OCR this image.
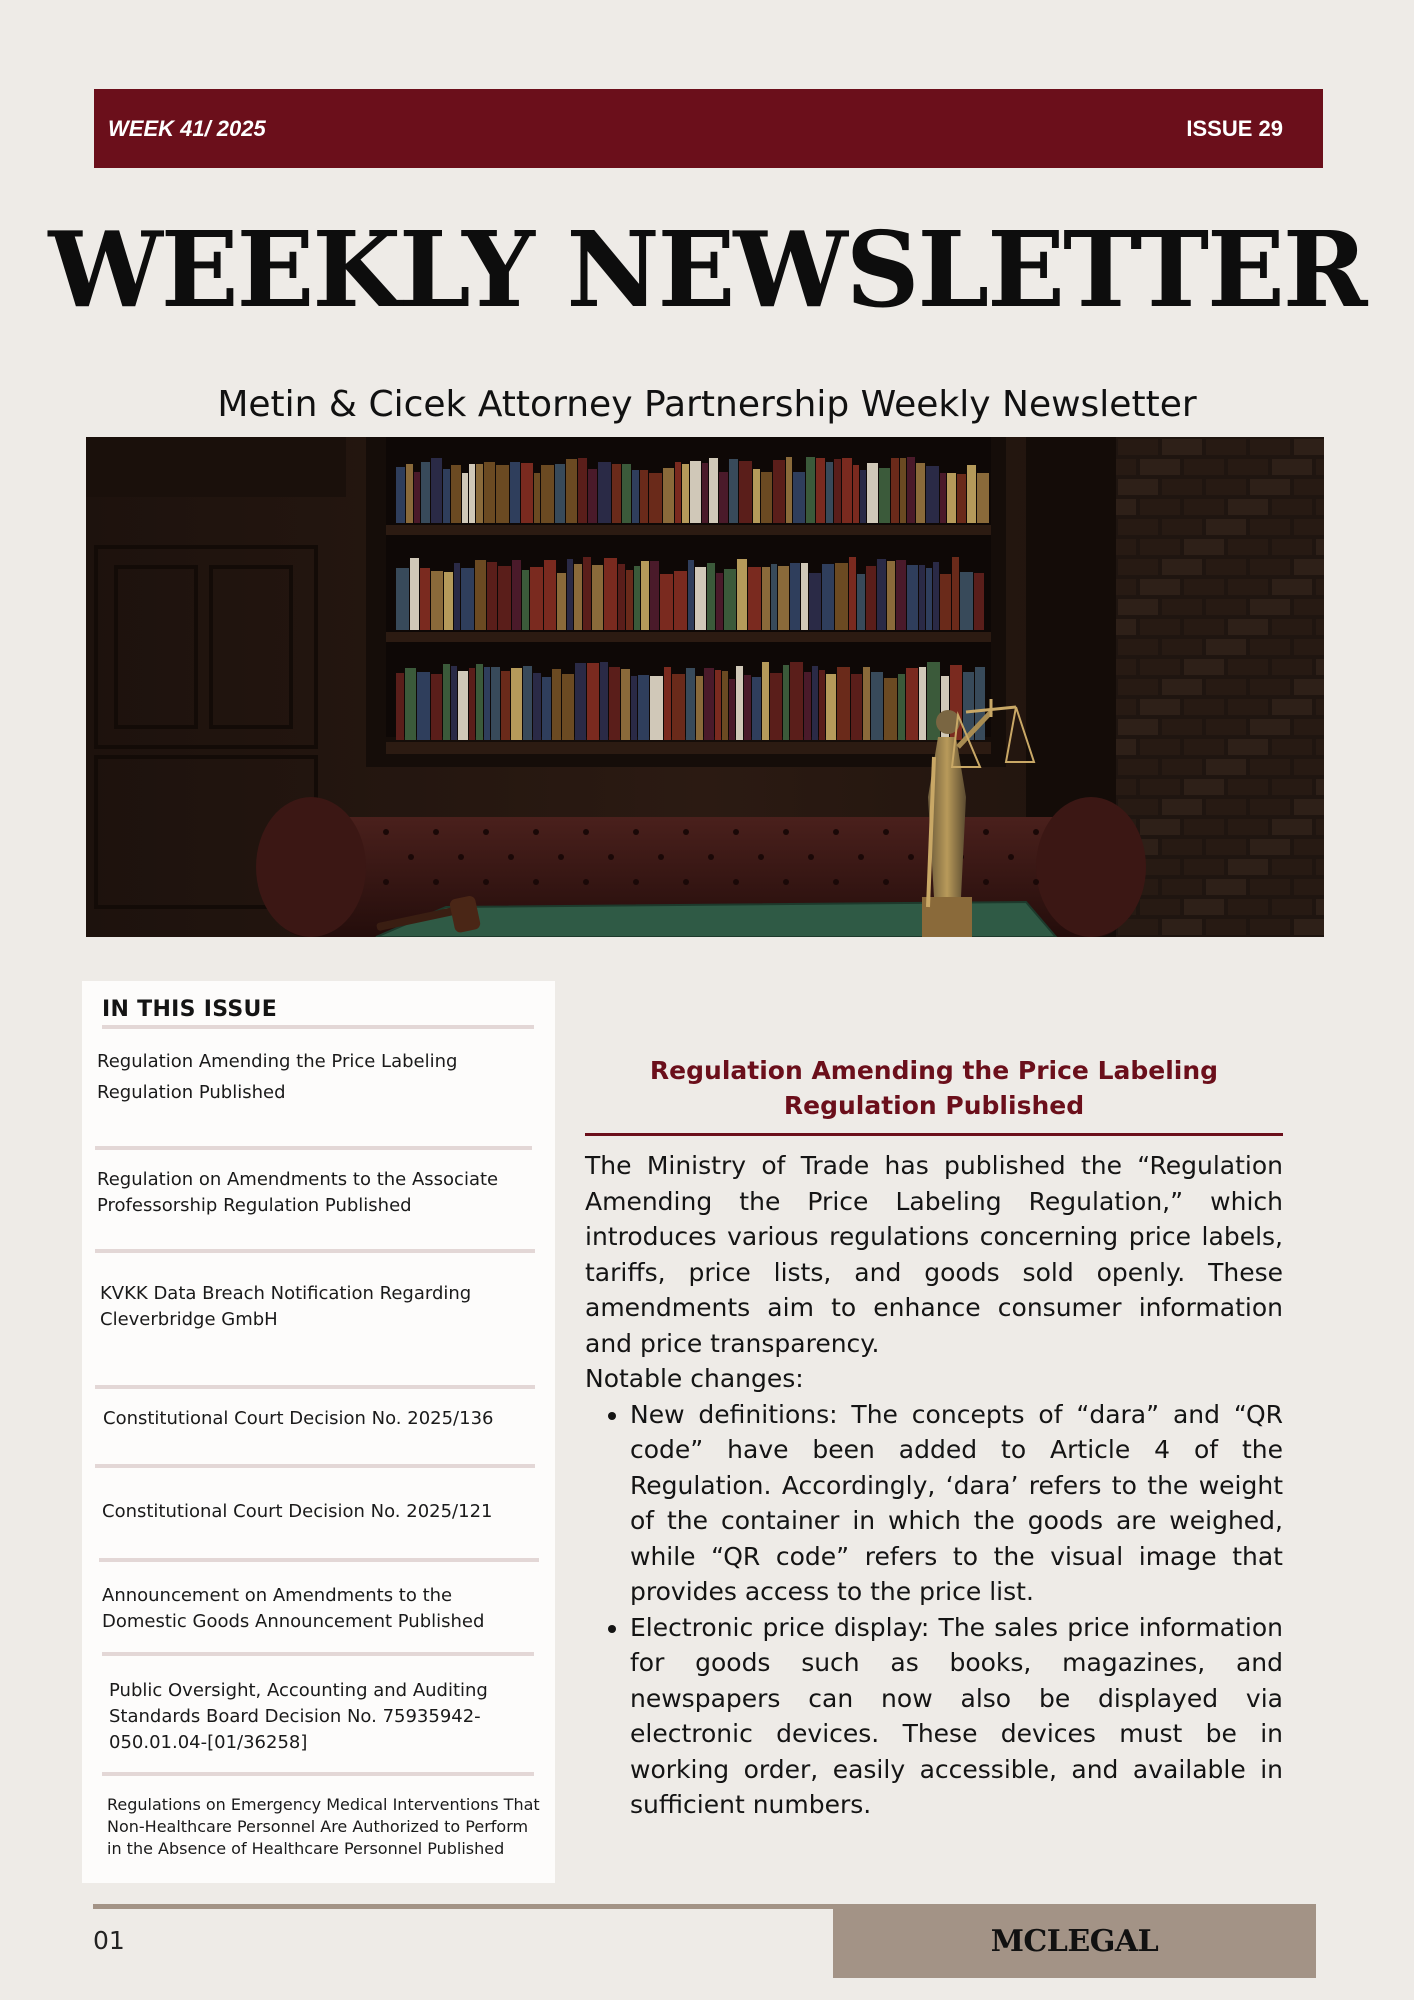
WEEK 41/ 2025	ISSUE 29
WEEKLY NEWSLETTER
Metin & Cicek Attorney Partnership Weekly Newsletter
IN THIS ISSUE
Regulation Amending the Price Labeling Regulation Published
Regulation on Amendments to the Associate Professorship Regulation Published
KVKK Data Breach Notification Regarding Cleverbridge GmbH
Constitutional Court Decision No. 2025/136
Constitutional Court Decision No. 2025/121
Announcement on Amendments to the Domestic Goods Announcement Published
Public Oversight, Accounting and Auditing Standards Board Decision No. 75935942-050.01.04-[01/36258]
Regulations on Emergency Medical Interventions That Non-Healthcare Personnel Are Authorized to Perform in the Absence of Healthcare Personnel Published
Regulation Amending the Price Labeling Regulation Published

The Ministry of Trade has published the “Regulation Amending the Price Labeling Regulation,” which introduces various regulations concerning price labels, tariffs, price lists, and goods sold openly. These amendments aim to enhance consumer information and price transparency.

Notable changes:

• New definitions: The concepts of “dara” and “QR code” have been added to Article 4 of the Regulation. Accordingly, ‘dara’ refers to the weight of the container in which the goods are weighed, while “QR code” refers to the visual image that provides access to the price list.
• Electronic price display: The sales price information for goods such as books, magazines, and newspapers can now also be displayed via electronic devices. These devices must be in working order, easily accessible, and available in sufficient numbers.
01	MCLEGAL
